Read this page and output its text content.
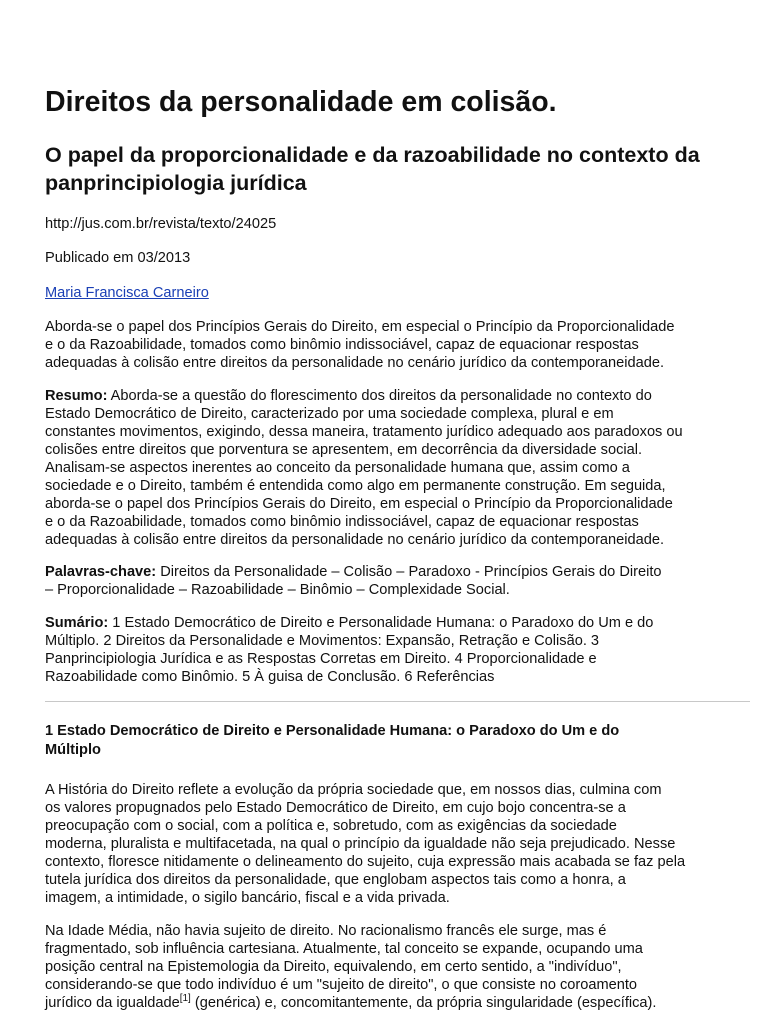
Direitos da personalidade em colisão.
O papel da proporcionalidade e da razoabilidade no contexto da panprincipiologia jurídica

http://jus.com.br/revista/texto/24025

Publicado em 03/2013

Maria Francisca Carneiro

Aborda-se o papel dos Princípios Gerais do Direito, em especial o Princípio da Proporcionalidade
e o da Razoabilidade, tomados como binômio indissociável, capaz de equacionar respostas
adequadas à colisão entre direitos da personalidade no cenário jurídico da contemporaneidade.

Resumo: Aborda-se a questão do florescimento dos direitos da personalidade no contexto do
Estado Democrático de Direito, caracterizado por uma sociedade complexa, plural e em
constantes movimentos, exigindo, dessa maneira, tratamento jurídico adequado aos paradoxos ou
colisões entre direitos que porventura se apresentem, em decorrência da diversidade social.
Analisam-se aspectos inerentes ao conceito da personalidade humana que, assim como a
sociedade e o Direito, também é entendida como algo em permanente construção. Em seguida,
aborda-se o papel dos Princípios Gerais do Direito, em especial o Princípio da Proporcionalidade
e o da Razoabilidade, tomados como binômio indissociável, capaz de equacionar respostas
adequadas à colisão entre direitos da personalidade no cenário jurídico da contemporaneidade.

Palavras-chave: Direitos da Personalidade – Colisão – Paradoxo - Princípios Gerais do Direito
– Proporcionalidade – Razoabilidade – Binômio – Complexidade Social.

Sumário: 1 Estado Democrático de Direito e Personalidade Humana: o Paradoxo do Um e do
Múltiplo. 2 Direitos da Personalidade e Movimentos: Expansão, Retração e Colisão. 3
Panprincipiologia Jurídica e as Respostas Corretas em Direito. 4 Proporcionalidade e
Razoabilidade como Binômio. 5 À guisa de Conclusão. 6 Referências

1 Estado Democrático de Direito e Personalidade Humana: o Paradoxo do Um e do
Múltiplo

A História do Direito reflete a evolução da própria sociedade que, em nossos dias, culmina com
os valores propugnados pelo Estado Democrático de Direito, em cujo bojo concentra-se a
preocupação com o social, com a política e, sobretudo, com as exigências da sociedade
moderna, pluralista e multifacetada, na qual o princípio da igualdade não seja prejudicado. Nesse
contexto, floresce nitidamente o delineamento do sujeito, cuja expressão mais acabada se faz pela
tutela jurídica dos direitos da personalidade, que englobam aspectos tais como a honra, a
imagem, a intimidade, o sigilo bancário, fiscal e a vida privada.

Na Idade Média, não havia sujeito de direito. No racionalismo francês ele surge, mas é
fragmentado, sob influência cartesiana. Atualmente, tal conceito se expande, ocupando uma
posição central na Epistemologia da Direito, equivalendo, em certo sentido, a "indivíduo",
considerando-se que todo indivíduo é um "sujeito de direito", o que consiste no coroamento
jurídico da igualdade[1] (genérica) e, concomitantemente, da própria singularidade (específica).
